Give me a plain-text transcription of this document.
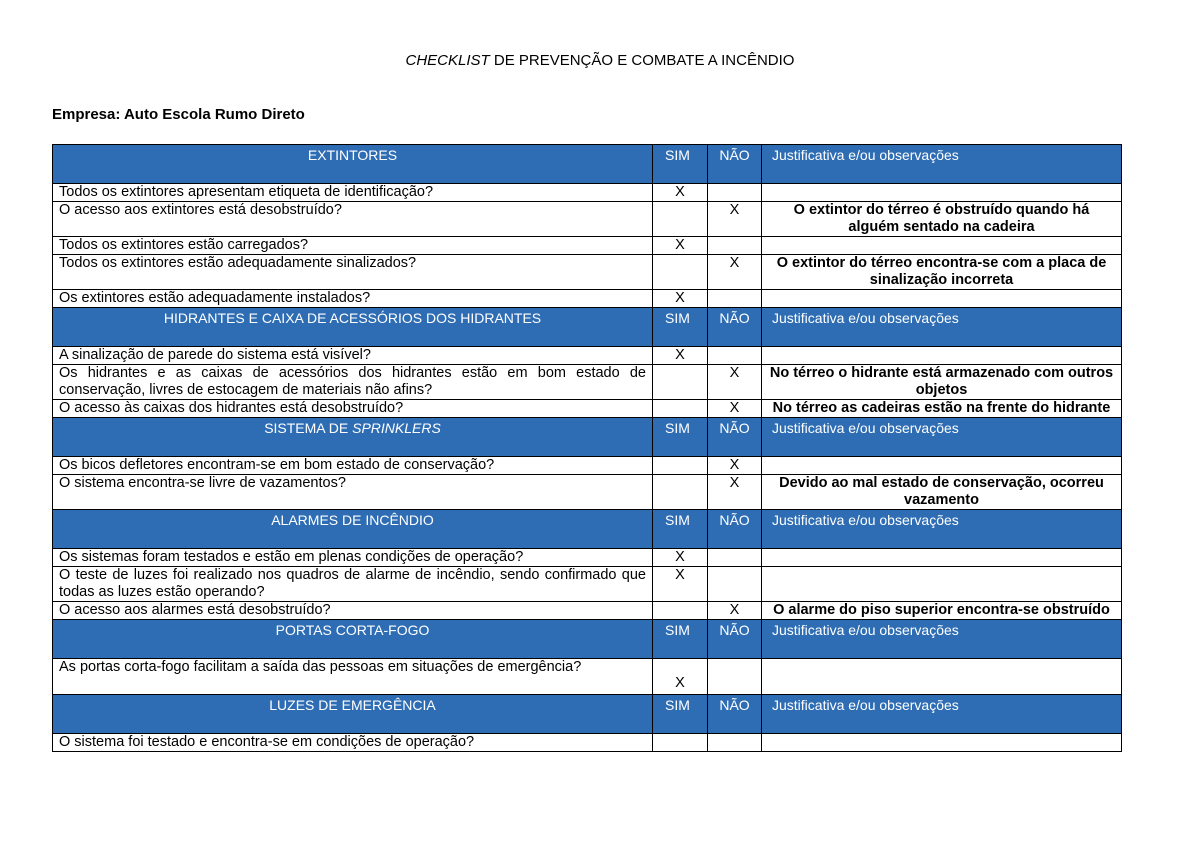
CHECKLIST DE PREVENÇÃO E COMBATE A INCÊNDIO
Empresa: Auto Escola Rumo Direto
EXTINTORES	SIM	NÃO	Justificativa e/ou observações
Todos os extintores apresentam etiqueta de identificação?	X		
O acesso aos extintores está desobstruído?		X	O extintor do térreo é obstruído quando há alguém sentado na cadeira
Todos os extintores estão carregados?	X		
Todos os extintores estão adequadamente sinalizados?		X	O extintor do térreo encontra-se com a placa de sinalização incorreta
Os extintores estão adequadamente instalados?	X		
HIDRANTES E CAIXA DE ACESSÓRIOS DOS HIDRANTES	SIM	NÃO	Justificativa e/ou observações
A sinalização de parede do sistema está visível?	X		
Os hidrantes e as caixas de acessórios dos hidrantes estão em bom estado de conservação, livres de estocagem de materiais não afins?		X	No térreo o hidrante está armazenado com outros objetos
O acesso às caixas dos hidrantes está desobstruído?		X	No térreo as cadeiras estão na frente do hidrante
SISTEMA DE SPRINKLERS	SIM	NÃO	Justificativa e/ou observações
Os bicos defletores encontram-se em bom estado de conservação?		X	
O sistema encontra-se livre de vazamentos?		X	Devido ao mal estado de conservação, ocorreu vazamento
ALARMES DE INCÊNDIO	SIM	NÃO	Justificativa e/ou observações
Os sistemas foram testados e estão em plenas condições de operação?	X		
O teste de luzes foi realizado nos quadros de alarme de incêndio, sendo confirmado que todas as luzes estão operando?	X		
O acesso aos alarmes está desobstruído?		X	O alarme do piso superior encontra-se obstruído
PORTAS CORTA-FOGO	SIM	NÃO	Justificativa e/ou observações
As portas corta-fogo facilitam a saída das pessoas em situações de emergência?	X		
LUZES DE EMERGÊNCIA	SIM	NÃO	Justificativa e/ou observações
O sistema foi testado e encontra-se em condições de operação?			
